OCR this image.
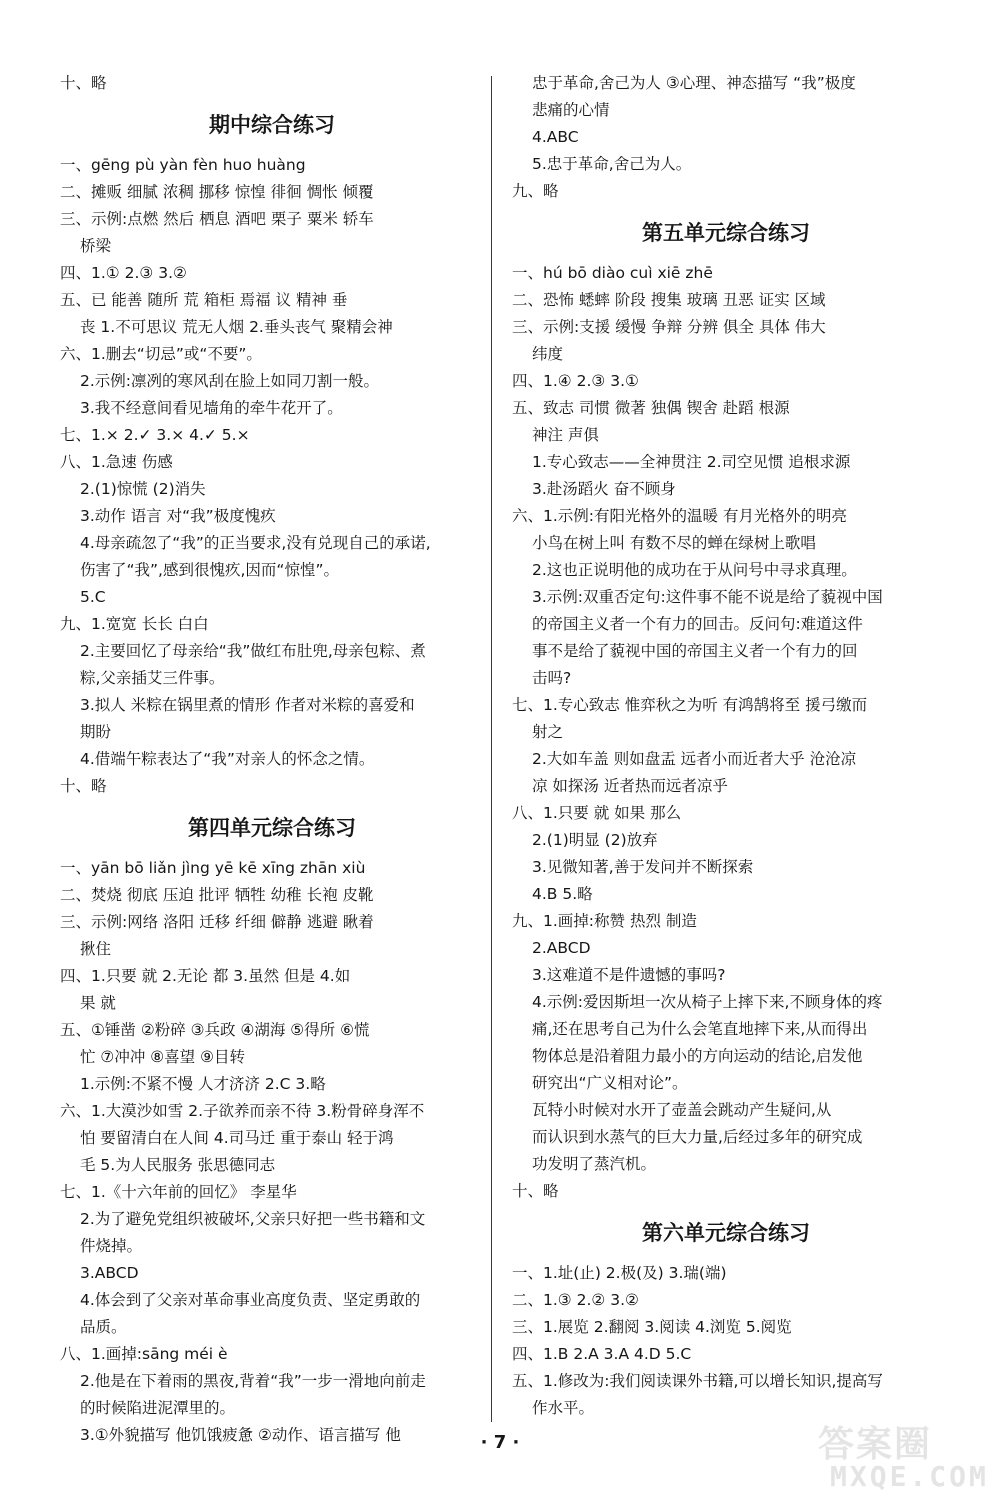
十、略
期中综合练习
一、gēng pù yàn fèn huo huàng
二、摊贩 细腻 浓稠 挪移 惊惶 徘徊 惆怅 倾覆
三、示例:点燃 然后 栖息 酒吧 栗子 粟米 轿车
桥梁
四、1.① 2.③ 3.②
五、已 能善 随所 荒 箱柜 焉福 议 精神 垂
丧 1.不可思议 荒无人烟 2.垂头丧气 聚精会神
六、1.删去“切忌”或“不要”。
2.示例:凛冽的寒风刮在脸上如同刀割一般。
3.我不经意间看见墙角的牵牛花开了。
七、1.× 2.✓ 3.× 4.✓ 5.×
八、1.急速 伤感
2.(1)惊慌 (2)消失
3.动作 语言 对“我”极度愧疚
4.母亲疏忽了“我”的正当要求,没有兑现自己的承诺,
伤害了“我”,感到很愧疚,因而“惊惶”。
5.C
九、1.宽宽 长长 白白
2.主要回忆了母亲给“我”做红布肚兜,母亲包粽、煮
粽,父亲插艾三件事。
3.拟人 米粽在锅里煮的情形 作者对米粽的喜爱和
期盼
4.借端午粽表达了“我”对亲人的怀念之情。
十、略
第四单元综合练习
一、yān bō liǎn jìng yē kē xīng zhān xiù
二、焚烧 彻底 压迫 批评 牺牲 幼稚 长袍 皮靴
三、示例:网络 洛阳 迁移 纤细 僻静 逃避 瞅着
揪住
四、1.只要 就 2.无论 都 3.虽然 但是 4.如
果 就
五、①锤凿 ②粉碎 ③兵政 ④湖海 ⑤得所 ⑥慌
忙 ⑦冲冲 ⑧喜望 ⑨目转
1.示例:不紧不慢 人才济济 2.C 3.略
六、1.大漠沙如雪 2.子欲养而亲不待 3.粉骨碎身浑不
怕 要留清白在人间 4.司马迁 重于泰山 轻于鸿
毛 5.为人民服务 张思德同志
七、1.《十六年前的回忆》 李星华
2.为了避免党组织被破坏,父亲只好把一些书籍和文
件烧掉。
3.ABCD
4.体会到了父亲对革命事业高度负责、坚定勇敢的
品质。
八、1.画掉:sāng méi è
2.他是在下着雨的黑夜,背着“我”一步一滑地向前走
的时候陷进泥潭里的。
3.①外貌描写 他饥饿疲惫 ②动作、语言描写 他
忠于革命,舍己为人 ③心理、神态描写 “我”极度
悲痛的心情
4.ABC
5.忠于革命,舍己为人。
九、略
第五单元综合练习
一、hú bō diào cuì xiē zhē
二、恐怖 蟋蟀 阶段 搜集 玻璃 丑恶 证实 区域
三、示例:支援 缓慢 争辩 分辨 俱全 具体 伟大
纬度
四、1.④ 2.③ 3.①
五、致志 司惯 微著 独偶 锲舍 赴蹈 根源
神注 声俱
1.专心致志——全神贯注 2.司空见惯 追根求源
3.赴汤蹈火 奋不顾身
六、1.示例:有阳光格外的温暖 有月光格外的明亮
小鸟在树上叫 有数不尽的蝉在绿树上歌唱
2.这也正说明他的成功在于从问号中寻求真理。
3.示例:双重否定句:这件事不能不说是给了藐视中国
的帝国主义者一个有力的回击。反问句:难道这件
事不是给了藐视中国的帝国主义者一个有力的回
击吗?
七、1.专心致志 惟弈秋之为听 有鸿鹄将至 援弓缴而
射之
2.大如车盖 则如盘盂 远者小而近者大乎 沧沧凉
凉 如探汤 近者热而远者凉乎
八、1.只要 就 如果 那么
2.(1)明显 (2)放弃
3.见微知著,善于发问并不断探索
4.B 5.略
九、1.画掉:称赞 热烈 制造
2.ABCD
3.这难道不是件遗憾的事吗?
4.示例:爱因斯坦一次从椅子上摔下来,不顾身体的疼
痛,还在思考自己为什么会笔直地摔下来,从而得出
物体总是沿着阻力最小的方向运动的结论,启发他
研究出“广义相对论”。
瓦特小时候对水开了壶盖会跳动产生疑问,从
而认识到水蒸气的巨大力量,后经过多年的研究成
功发明了蒸汽机。
十、略
第六单元综合练习
一、1.址(止) 2.极(及) 3.瑞(端)
二、1.③ 2.② 3.②
三、1.展览 2.翻阅 3.阅读 4.浏览 5.阅览
四、1.B 2.A 3.A 4.D 5.C
五、1.修改为:我们阅读课外书籍,可以增长知识,提高写
作水平。
· 7 ·	答案圈
MXQE.COM
